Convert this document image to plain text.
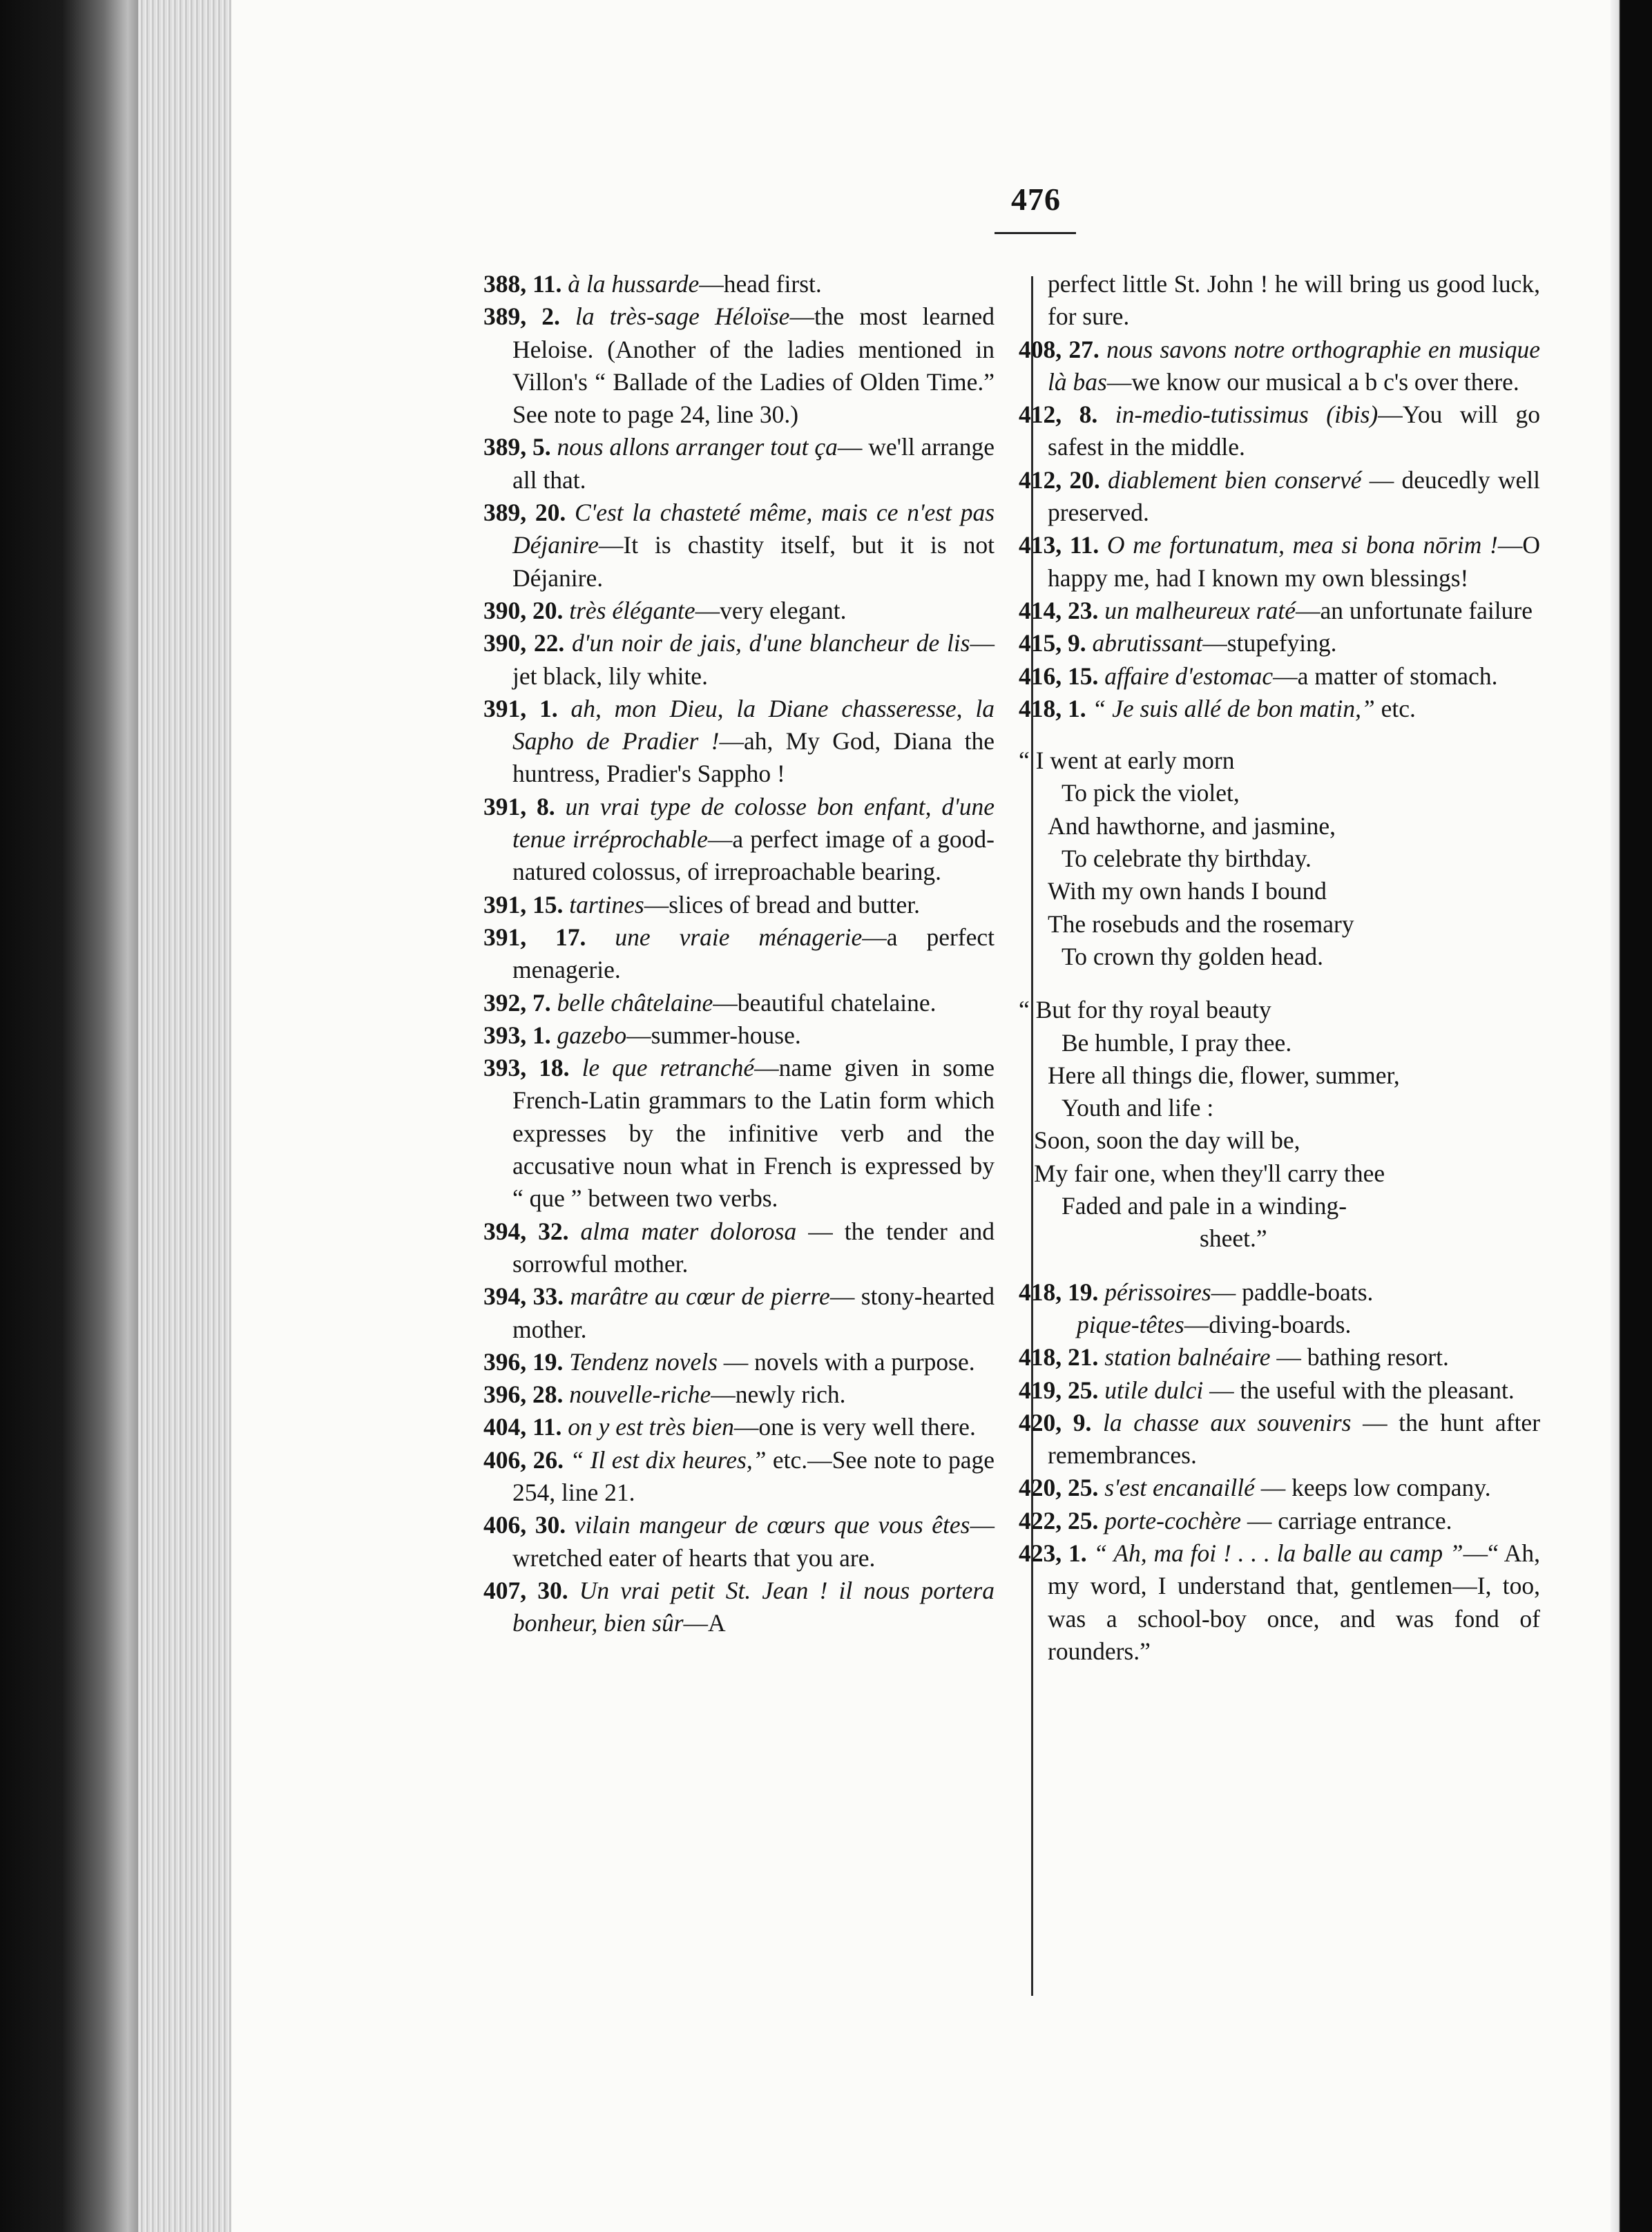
476

388, 11. à la hussarde—head first.

389, 2. la très-sage Héloïse—the most learned Heloise. (Another of the ladies mentioned in Villon's “ Ballade of the Ladies of Olden Time.” See note to page 24, line 30.)

389, 5. nous allons arranger tout ça— we'll arrange all that.

389, 20. C'est la chasteté même, mais ce n'est pas Déjanire—It is chastity itself, but it is not Déjanire.

390, 20. très élégante—very elegant.

390, 22. d'un noir de jais, d'une blancheur de lis—jet black, lily white.

391, 1. ah, mon Dieu, la Diane chasseresse, la Sapho de Pradier !—ah, My God, Diana the huntress, Pradier's Sappho !

391, 8. un vrai type de colosse bon enfant, d'une tenue irréprochable—a perfect image of a good-natured colossus, of irreproachable bearing.

391, 15. tartines—slices of bread and butter.

391, 17. une vraie ménagerie—a perfect menagerie.

392, 7. belle châtelaine—beautiful chatelaine.

393, 1. gazebo—summer-house.

393, 18. le que retranché—name given in some French-Latin grammars to the Latin form which expresses by the infinitive verb and the accusative noun what in French is expressed by “ que ” between two verbs.

394, 32. alma mater dolorosa — the tender and sorrowful mother.

394, 33. marâtre au cœur de pierre— stony-hearted mother.

396, 19. Tendenz novels — novels with a purpose.

396, 28. nouvelle-riche—newly rich.

404, 11. on y est très bien—one is very well there.

406, 26. “ Il est dix heures,” etc.—See note to page 254, line 21.

406, 30. vilain mangeur de cœurs que vous êtes—wretched eater of hearts that you are.

407, 30. Un vrai petit St. Jean ! il nous portera bonheur, bien sûr—A

perfect little St. John ! he will bring us good luck, for sure.

408, 27. nous savons notre orthographie en musique là bas—we know our musical a b c's over there.

412, 8. in-medio-tutissimus (ibis)—You will go safest in the middle.

412, 20. diablement bien conservé — deucedly well preserved.

413, 11. O me fortunatum, mea si bona nōrim !—O happy me, had I known my own blessings!

414, 23. un malheureux raté—an unfortunate failure

415, 9. abrutissant—stupefying.

416, 15. affaire d'estomac—a matter of stomach.

418, 1. “ Je suis allé de bon matin,” etc.

“ I went at early morn

To pick the violet,

And hawthorne, and jasmine,

To celebrate thy birthday.

With my own hands I bound

The rosebuds and the rosemary

To crown thy golden head.

“ But for thy royal beauty

Be humble, I pray thee.

Here all things die, flower, summer,

Youth and life :

Soon, soon the day will be,

My fair one, when they'll carry thee

Faded and pale in a winding-

sheet.”

418, 19. périssoires— paddle-boats.

pique-têtes—diving-boards.

418, 21. station balnéaire — bathing resort.

419, 25. utile dulci — the useful with the pleasant.

420, 9. la chasse aux souvenirs — the hunt after remembrances.

420, 25. s'est encanaillé — keeps low company.

422, 25. porte-cochère — carriage entrance.

423, 1. “ Ah, ma foi ! . . . la balle au camp ”—“ Ah, my word, I understand that, gentlemen—I, too, was a school-boy once, and was fond of rounders.”
